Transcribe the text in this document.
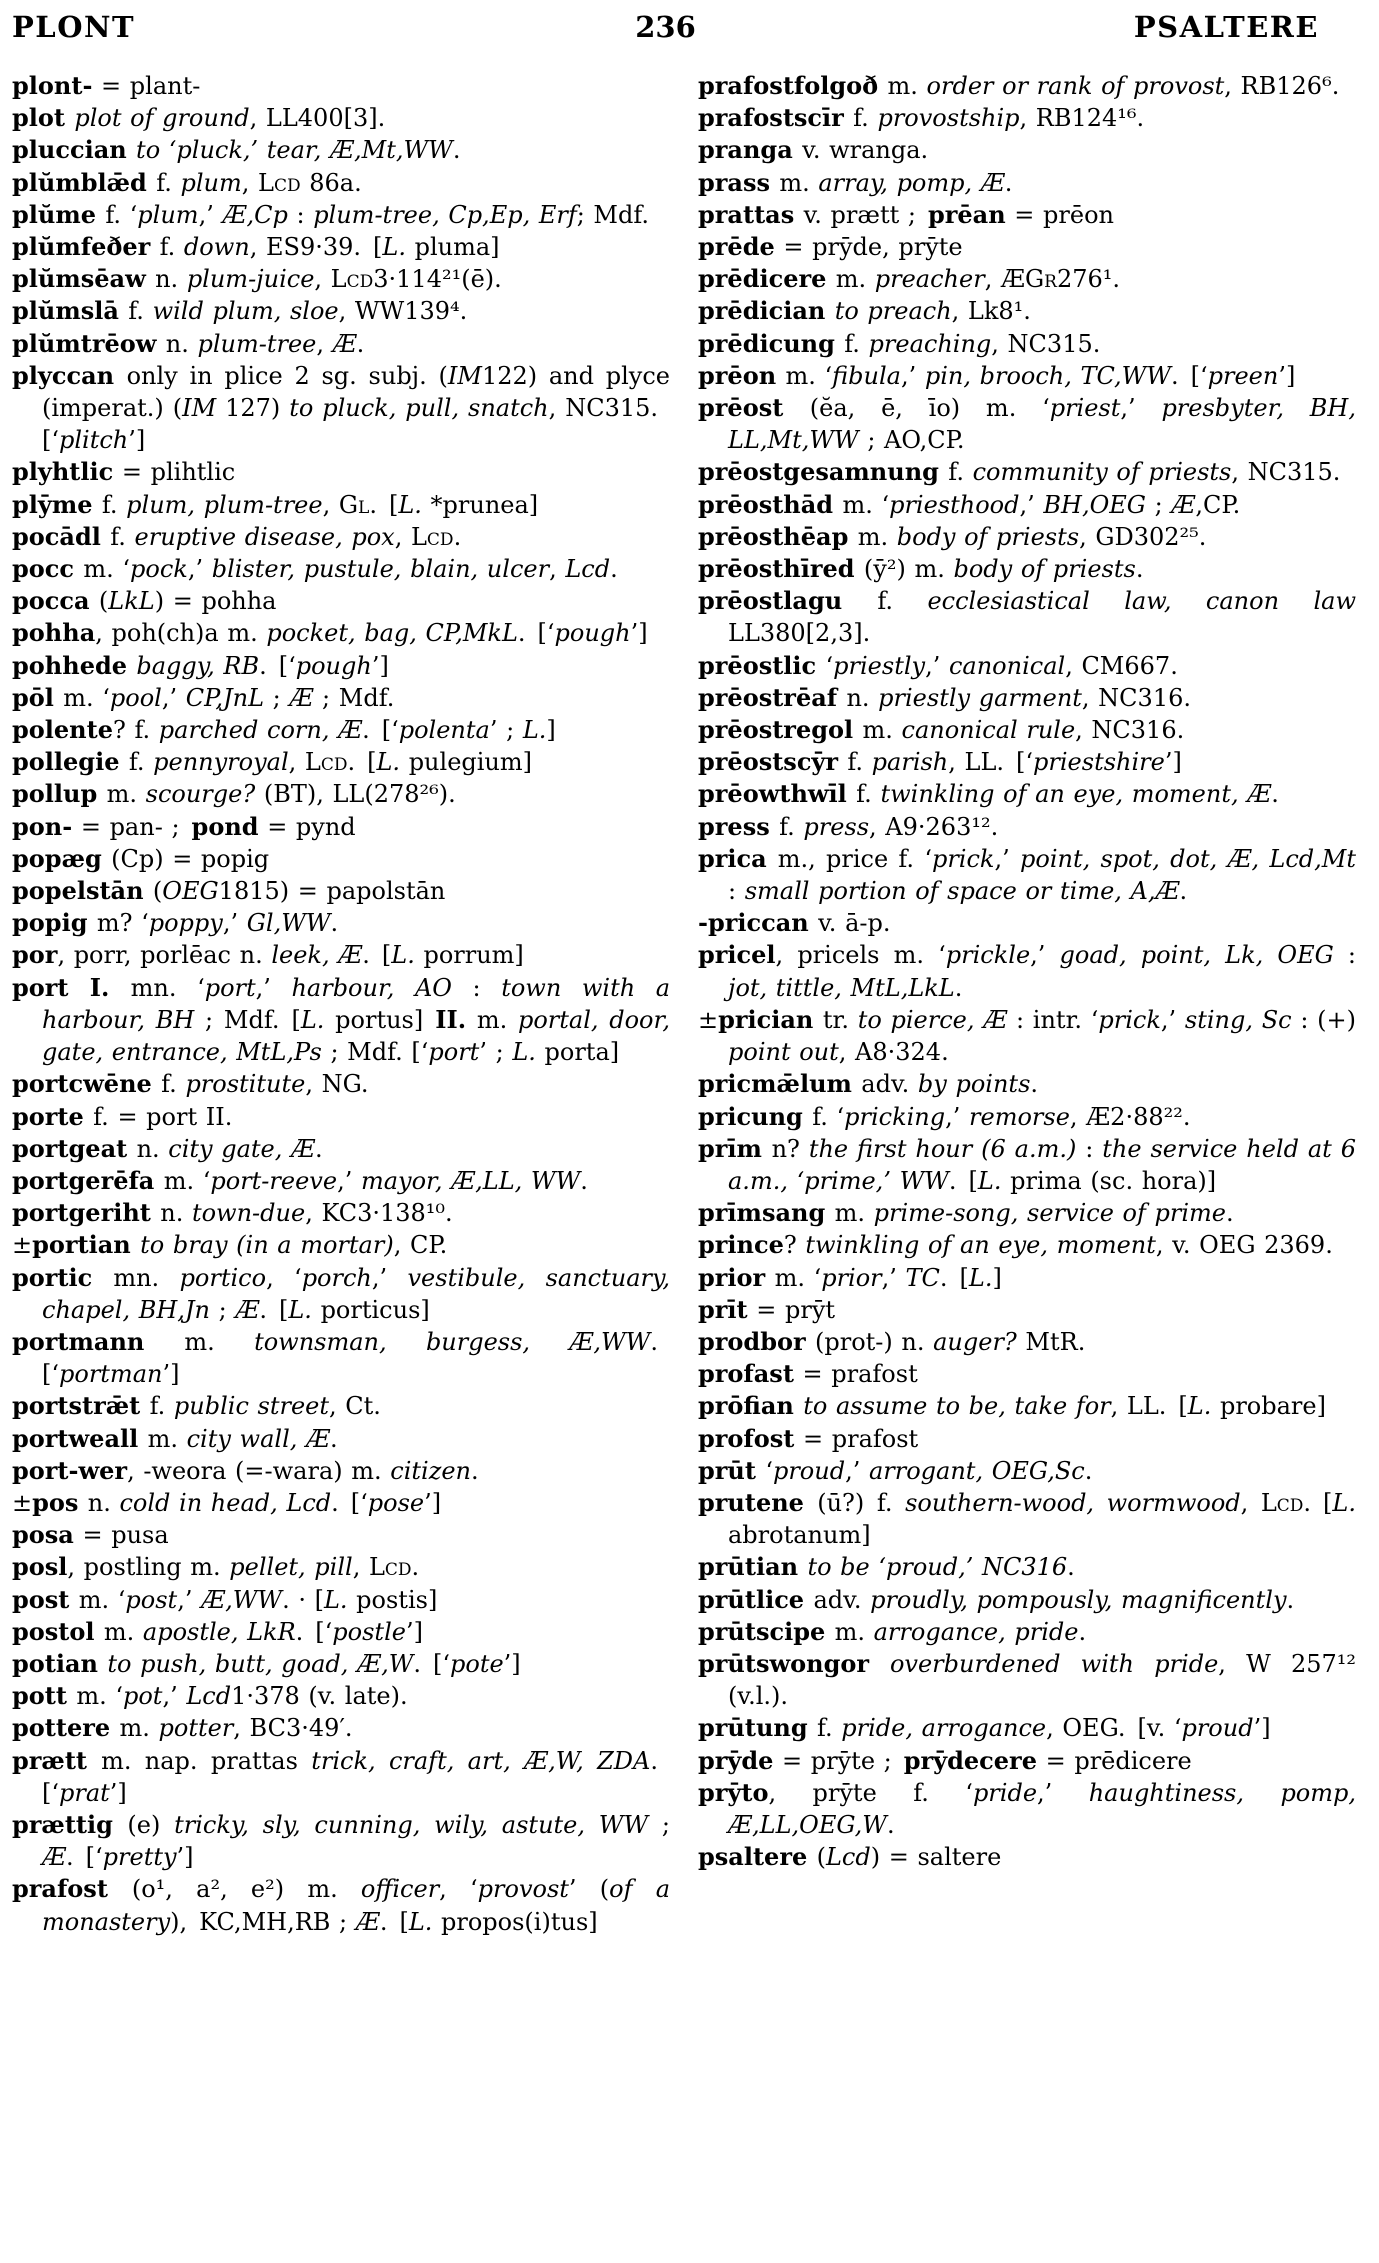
PLONT	236	PSALTERE

plont- = plant-

plot plot of ground, LL400[3].

pluccian to ‘pluck,’ tear, Æ,Mt,WW.

plŭmblǣd f. plum, Lcd 86a.

plŭme f. ‘plum,’ Æ,Cp : plum-tree, Cp,Ep, Erf; Mdf.

plŭmfeðer f. down, ES9·39. [L. pluma]

plŭmsēaw n. plum-juice, Lcd3·114²¹(ē).

plŭmslā f. wild plum, sloe, WW139⁴.

plŭmtrēow n. plum-tree, Æ.

plyccan only in plice 2 sg. subj. (IM122) and plyce (imperat.) (IM 127) to pluck, pull, snatch, NC315. [‘plitch’]

plyhtlic = plihtlic

plȳme f. plum, plum-tree, Gl. [L. *prunea]

pocādl f. eruptive disease, pox, Lcd.

pocc m. ‘pock,’ blister, pustule, blain, ulcer, Lcd.

pocca (LkL) = pohha

pohha, poh(ch)a m. pocket, bag, CP,MkL. [‘pough’]

pohhede baggy, RB. [‘pough’]

pōl m. ‘pool,’ CP,JnL ; Æ ; Mdf.

polente? f. parched corn, Æ. [‘polenta’ ; L.]

pollegie f. pennyroyal, Lcd. [L. pulegium]

pollup m. scourge? (BT), LL(278²⁶).

pon- = pan- ; pond = pynd

popæg (Cp) = popig

popelstān (OEG1815) = papolstān

popig m? ‘poppy,’ Gl,WW.

por, porr, porlēac n. leek, Æ. [L. porrum]

port I. mn. ‘port,’ harbour, AO : town with a harbour, BH ; Mdf. [L. portus] II. m. portal, door, gate, entrance, MtL,Ps ; Mdf. [‘port’ ; L. porta]

portcwēne f. prostitute, NG.

porte f. = port II.

portgeat n. city gate, Æ.

portgerēfa m. ‘port-reeve,’ mayor, Æ,LL, WW.

portgeriht n. town-due, KC3·138¹⁰.

±portian to bray (in a mortar), CP.

portic mn. portico, ‘porch,’ vestibule, sanctuary, chapel, BH,Jn ; Æ. [L. porticus]

portmann m. townsman, burgess, Æ,WW. [‘portman’]

portstrǣt f. public street, Ct.

portweall m. city wall, Æ.

port-wer, -weora (=-wara) m. citizen.

±pos n. cold in head, Lcd. [‘pose’]

posa = pusa

posl, postling m. pellet, pill, Lcd.

post m. ‘post,’ Æ,WW. · [L. postis]

postol m. apostle, LkR. [‘postle’]

potian to push, butt, goad, Æ,W. [‘pote’]

pott m. ‘pot,’ Lcd1·378 (v. late).

pottere m. potter, BC3·49′.

prætt m. nap. prattas trick, craft, art, Æ,W, ZDA. [‘prat’]

prættig (e) tricky, sly, cunning, wily, astute, WW ; Æ. [‘pretty’]

prafost (o¹, a², e²) m. officer, ‘provost’ (of a monastery), KC,MH,RB ; Æ. [L. propos(i)tus]

prafostfolgoð m. order or rank of provost, RB126⁶.

prafostscīr f. provostship, RB124¹⁶.

pranga v. wranga.

prass m. array, pomp, Æ.

prattas v. prætt ; prēan = prēon

prēde = prȳde, prȳte

prēdicere m. preacher, ÆGr276¹.

prēdician to preach, Lk8¹.

prēdicung f. preaching, NC315.

prēon m. ‘fibula,’ pin, brooch, TC,WW. [‘preen’]

prēost (ĕa, ē, īo) m. ‘priest,’ presbyter, BH, LL,Mt,WW ; AO,CP.

prēostgesamnung f. community of priests, NC315.

prēosthād m. ‘priesthood,’ BH,OEG ; Æ,CP.

prēosthēap m. body of priests, GD302²⁵.

prēosthīred (ȳ²) m. body of priests.

prēostlagu f. ecclesiastical law, canon law LL380[2,3].

prēostlic ‘priestly,’ canonical, CM667.

prēostrēaf n. priestly garment, NC316.

prēostregol m. canonical rule, NC316.

prēostscȳr f. parish, LL. [‘priestshire’]

prēowthwīl f. twinkling of an eye, moment, Æ.

press f. press, A9·263¹².

prica m., price f. ‘prick,’ point, spot, dot, Æ, Lcd,Mt : small portion of space or time, A,Æ.

-priccan v. ā-p.

pricel, pricels m. ‘prickle,’ goad, point, Lk, OEG : jot, tittle, MtL,LkL.

±prician tr. to pierce, Æ : intr. ‘prick,’ sting, Sc : (+) point out, A8·324.

pricmǣlum adv. by points.

pricung f. ‘pricking,’ remorse, Æ2·88²².

prīm n? the first hour (6 a.m.) : the service held at 6 a.m., ‘prime,’ WW. [L. prima (sc. hora)]

prīmsang m. prime-song, service of prime.

prince? twinkling of an eye, moment, v. OEG 2369.

prior m. ‘prior,’ TC. [L.]

prīt = prȳt

prodbor (prot-) n. auger? MtR.

profast = prafost

prōfian to assume to be, take for, LL. [L. probare]

profost = prafost

prūt ‘proud,’ arrogant, OEG,Sc.

prutene (ū?) f. southern-wood, wormwood, Lcd. [L. abrotanum]

prūtian to be ‘proud,’ NC316.

prūtlice adv. proudly, pompously, magnificently.

prūtscipe m. arrogance, pride.

prūtswongor overburdened with pride, W 257¹² (v.l.).

prūtung f. pride, arrogance, OEG. [v. ‘proud’]

prȳde = prȳte ; prȳdecere = prēdicere

prȳto, prȳte f. ‘pride,’ haughtiness, pomp, Æ,LL,OEG,W.

psaltere (Lcd) = saltere
